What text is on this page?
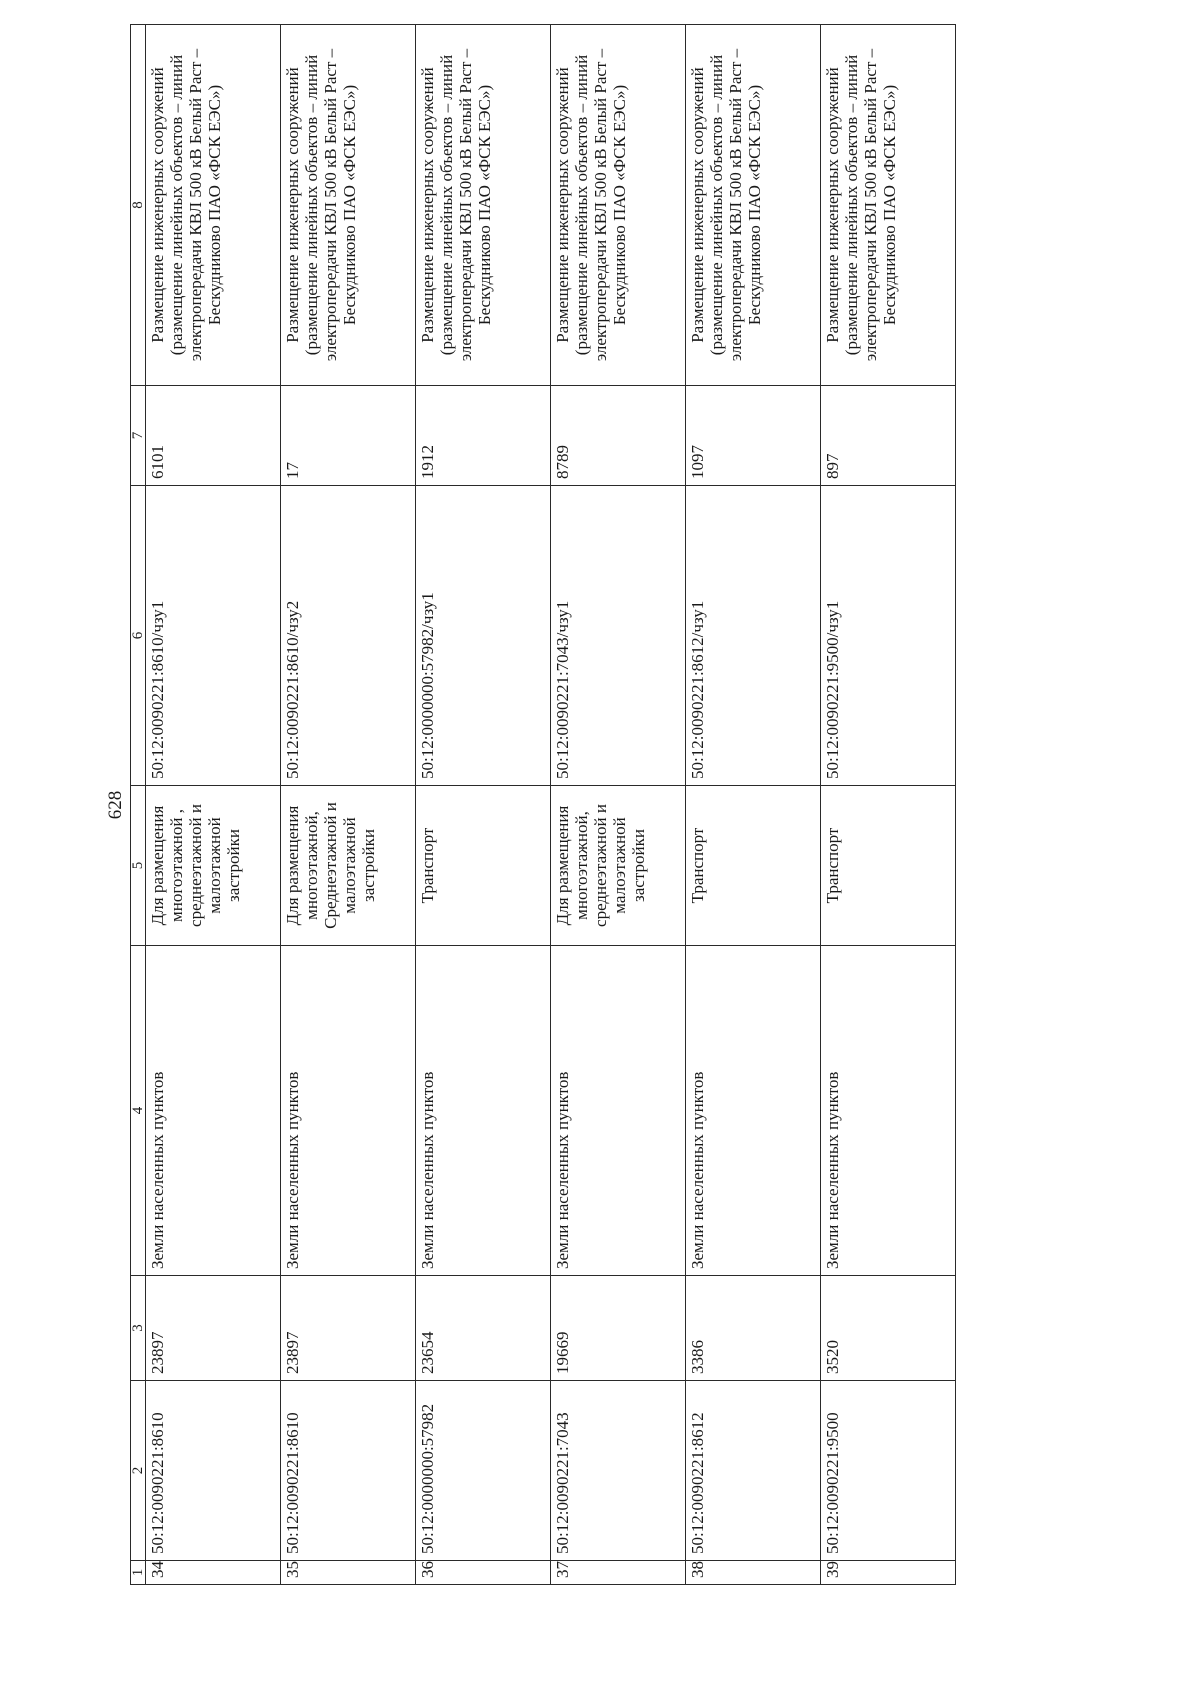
628
1	2	3	4	5	6	7	8
34	50:12:0090221:8610	23897	Земли населенных пунктов	Для размещения многоэтажной , среднеэтажной и малоэтажной застройки	50:12:0090221:8610/чзу1	6101	Размещение инженерных сооружений (размещение линейных объектов – линий электропередачи КВЛ 500 кВ Белый Раст – Бескудниково ПАО «ФСК ЕЭС»)
35	50:12:0090221:8610	23897	Земли населенных пунктов	Для размещения многоэтажной, Среднеэтажной и малоэтажной застройки	50:12:0090221:8610/чзу2	17	Размещение инженерных сооружений (размещение линейных объектов – линий электропередачи КВЛ 500 кВ Белый Раст – Бескудниково ПАО «ФСК ЕЭС»)
36	50:12:0000000:57982	23654	Земли населенных пунктов	Транспорт	50:12:0000000:57982/чзу1	1912	Размещение инженерных сооружений (размещение линейных объектов – линий электропередачи КВЛ 500 кВ Белый Раст – Бескудниково ПАО «ФСК ЕЭС»)
37	50:12:0090221:7043	19669	Земли населенных пунктов	Для размещения многоэтажной, среднеэтажной и малоэтажной застройки	50:12:0090221:7043/чзу1	8789	Размещение инженерных сооружений (размещение линейных объектов – линий электропередачи КВЛ 500 кВ Белый Раст – Бескудниково ПАО «ФСК ЕЭС»)
38	50:12:0090221:8612	3386	Земли населенных пунктов	Транспорт	50:12:0090221:8612/чзу1	1097	Размещение инженерных сооружений (размещение линейных объектов – линий электропередачи КВЛ 500 кВ Белый Раст – Бескудниково ПАО «ФСК ЕЭС»)
39	50:12:0090221:9500	3520	Земли населенных пунктов	Транспорт	50:12:0090221:9500/чзу1	897	Размещение инженерных сооружений (размещение линейных объектов – линий электропередачи КВЛ 500 кВ Белый Раст – Бескудниково ПАО «ФСК ЕЭС»)
